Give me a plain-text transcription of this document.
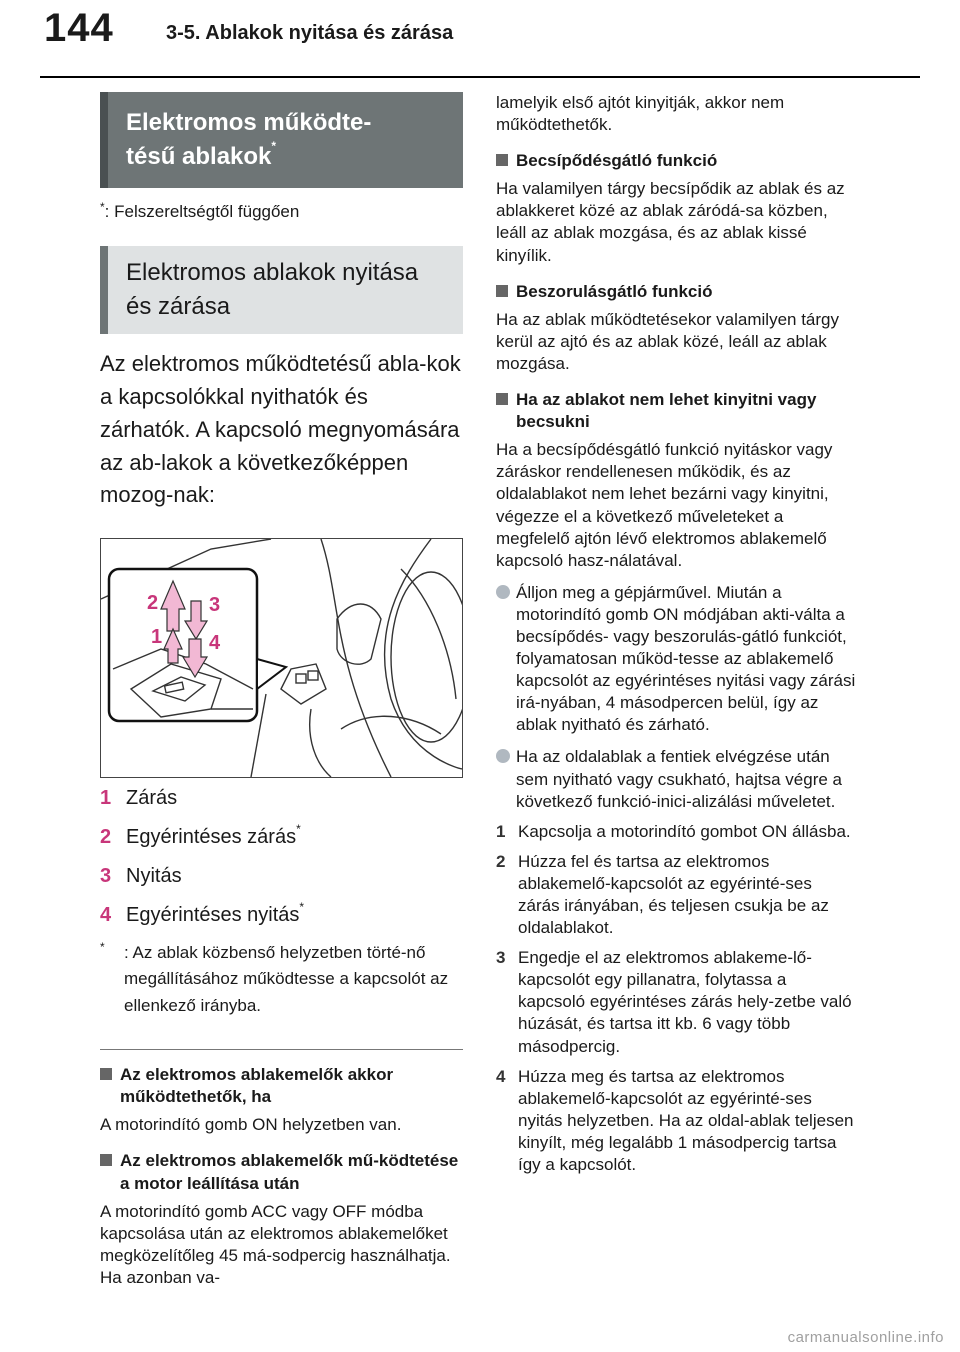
144	3-5. Ablakok nyitása és zárása
Elektromos működte-
tésű ablakok*
*: Felszereltségtől függően
Elektromos ablakok nyitása és zárása
Az elektromos működtetésű abla-kok a kapcsolókkal nyithatók és zárhatók. A kapcsoló megnyomására az ab-lakok a következőképpen mozog-nak:
2
1
3
4
1 Zárás
2 Egyérintéses zárás*
3 Nyitás
4 Egyérintéses nyitás*
*	: Az ablak közbenső helyzetben törté-nő megállításához működtesse a kapcsolót az ellenkező irányba.
Az elektromos ablakemelők akkor működtethetők, ha
A motorindító gomb ON helyzetben van.
Az elektromos ablakemelők mű-ködtetése a motor leállítása után
A motorindító gomb ACC vagy OFF módba kapcsolása után az elektromos ablakemelőket megközelítőleg 45 má-sodpercig használhatja. Ha azonban va-
lamelyik első ajtót kinyitják, akkor nem működtethetők.
Becsípődésgátló funkció
Ha valamilyen tárgy becsípődik az ablak és az ablakkeret közé az ablak záródá-sa közben, leáll az ablak mozgása, és az ablak kissé kinyílik.
Beszorulásgátló funkció
Ha az ablak működtetésekor valamilyen tárgy kerül az ajtó és az ablak közé, leáll az ablak mozgása.
Ha az ablakot nem lehet kinyitni vagy becsukni
Ha a becsípődésgátló funkció nyitáskor vagy záráskor rendellenesen működik, és az oldalablakot nem lehet bezárni vagy kinyitni, végezze el a következő műveleteket a megfelelő ajtón lévő elektromos ablakemelő kapcsoló hasz-nálatával.
Álljon meg a gépjárművel. Miután a motorindító gomb ON módjában akti-válta a becsípődés- vagy beszorulás-gátló funkciót, folyamatosan működ-tesse az ablakemelő kapcsolót az egyérintéses nyitási vagy zárási irá-nyában, 4 másodpercen belül, így az ablak nyitható és zárható.
Ha az oldalablak a fentiek elvégzése után sem nyitható vagy csukható, hajtsa végre a következő funkció-inici-alizálási műveletet.
1 Kapcsolja a motorindító gombot ON állásba.
2 Húzza fel és tartsa az elektromos ablakemelő-kapcsolót az egyérinté-ses zárás irányában, és teljesen csukja be az oldalablakot.
3 Engedje el az elektromos ablakeme-lő-kapcsolót egy pillanatra, folytassa a kapcsoló egyérintéses zárás hely-zetbe való húzását, és tartsa itt kb. 6 vagy több másodpercig.
4 Húzza meg és tartsa az elektromos ablakemelő-kapcsolót az egyérinté-ses nyitás helyzetben. Ha az oldal-ablak teljesen kinyílt, még legalább 1 másodpercig tartsa így a kapcsolót.
carmanualsonline.info
